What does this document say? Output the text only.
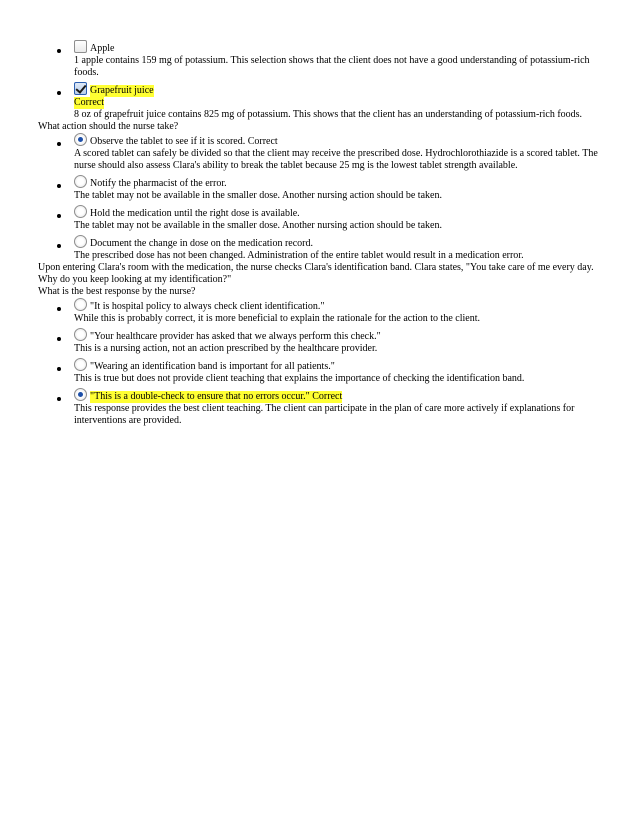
Apple
1 apple contains 159 mg of potassium. This selection shows that the client does not have a good understanding of potassium-rich foods.
Grapefruit juice
Correct
8 oz of grapefruit juice contains 825 mg of potassium. This shows that the client has an understanding of potassium-rich foods.
What action should the nurse take?
Observe the tablet to see if it is scored. Correct
A scored tablet can safely be divided so that the client may receive the prescribed dose. Hydrochlorothiazide is a scored tablet. The nurse should also assess Clara's ability to break the tablet because 25 mg is the lowest tablet strength available.
Notify the pharmacist of the error.
The tablet may not be available in the smaller dose. Another nursing action should be taken.
Hold the medication until the right dose is available.
The tablet may not be available in the smaller dose. Another nursing action should be taken.
Document the change in dose on the medication record.
The prescribed dose has not been changed. Administration of the entire tablet would result in a medication error.
Upon entering Clara's room with the medication, the nurse checks Clara's identification band. Clara states, "You take care of me every day. Why do you keep looking at my identification?"
What is the best response by the nurse?
"It is hospital policy to always check client identification."
While this is probably correct, it is more beneficial to explain the rationale for the action to the client.
"Your healthcare provider has asked that we always perform this check."
This is a nursing action, not an action prescribed by the healthcare provider.
"Wearing an identification band is important for all patients."
This is true but does not provide client teaching that explains the importance of checking the identification band.
"This is a double-check to ensure that no errors occur." Correct
This response provides the best client teaching. The client can participate in the plan of care more actively if explanations for interventions are provided.
